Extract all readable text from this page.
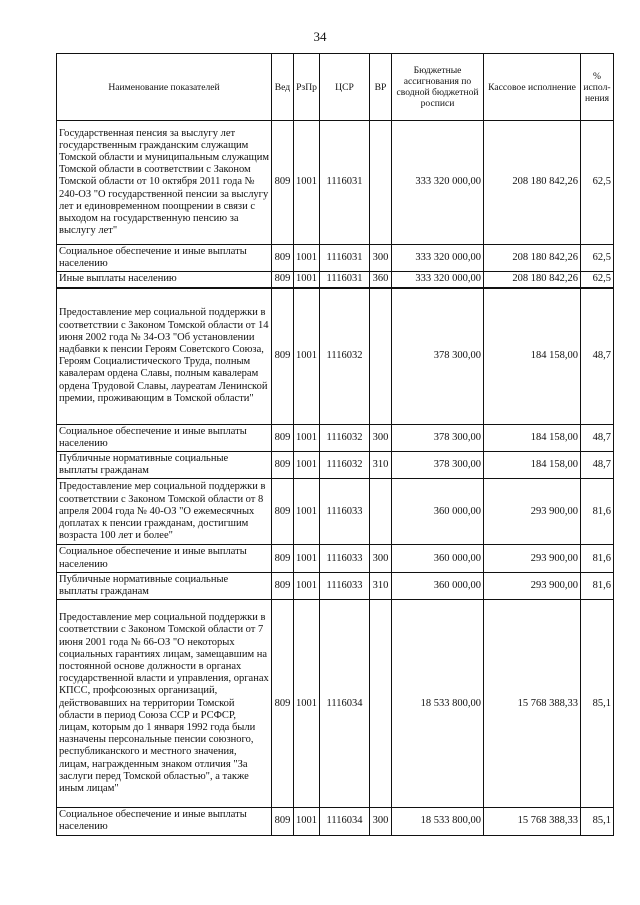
34
Наименование показателей	Вед	РзПр	ЦСР	ВР	Бюджетные ассигнования по сводной бюджетной росписи	Кассовое исполнение	% испол-нения
Государственная пенсия за выслугу лет государственным гражданским служащим Томской области и муниципальным служащим Томской области в соответствии с Законом Томской области от 10 октября 2011 года № 240-ОЗ "О государственной пенсии за выслугу лет и единовременном поощрении в связи с выходом на государственную пенсию за выслугу лет"	809	1001	1116031		333 320 000,00	208 180 842,26	62,5
Социальное обеспечение и иные выплаты населению	809	1001	1116031	300	333 320 000,00	208 180 842,26	62,5
Иные выплаты населению	809	1001	1116031	360	333 320 000,00	208 180 842,26	62,5
Предоставление мер социальной поддержки в соответствии с Законом Томской области от 14 июня 2002 года № 34-ОЗ "Об установлении надбавки к пенсии Героям Советского Союза, Героям Социалистического Труда, полным кавалерам ордена Славы, полным кавалерам ордена Трудовой Славы, лауреатам Ленинской премии, проживающим в Томской области"	809	1001	1116032		378 300,00	184 158,00	48,7
Социальное обеспечение и иные выплаты населению	809	1001	1116032	300	378 300,00	184 158,00	48,7
Публичные нормативные социальные выплаты гражданам	809	1001	1116032	310	378 300,00	184 158,00	48,7
Предоставление мер социальной поддержки в соответствии с Законом Томской области от 8 апреля 2004 года № 40-ОЗ "О ежемесячных доплатах к пенсии гражданам, достигшим возраста 100 лет и более"	809	1001	1116033		360 000,00	293 900,00	81,6
Социальное обеспечение и иные выплаты населению	809	1001	1116033	300	360 000,00	293 900,00	81,6
Публичные нормативные социальные выплаты гражданам	809	1001	1116033	310	360 000,00	293 900,00	81,6
Предоставление мер социальной поддержки в соответствии с Законом Томской области от 7 июня 2001 года № 66-ОЗ "О некоторых социальных гарантиях лицам, замещавшим на постоянной основе должности в органах государственной власти и управления, органах КПСС, профсоюзных организаций, действовавших на территории Томской области в период Союза ССР и РСФСР, лицам, которым до 1 января 1992 года были назначены персональные пенсии союзного, республиканского и местного значения, лицам, награжденным знаком отличия "За заслуги перед Томской областью", а также иным лицам"	809	1001	1116034		18 533 800,00	15 768 388,33	85,1
Социальное обеспечение и иные выплаты населению	809	1001	1116034	300	18 533 800,00	15 768 388,33	85,1
